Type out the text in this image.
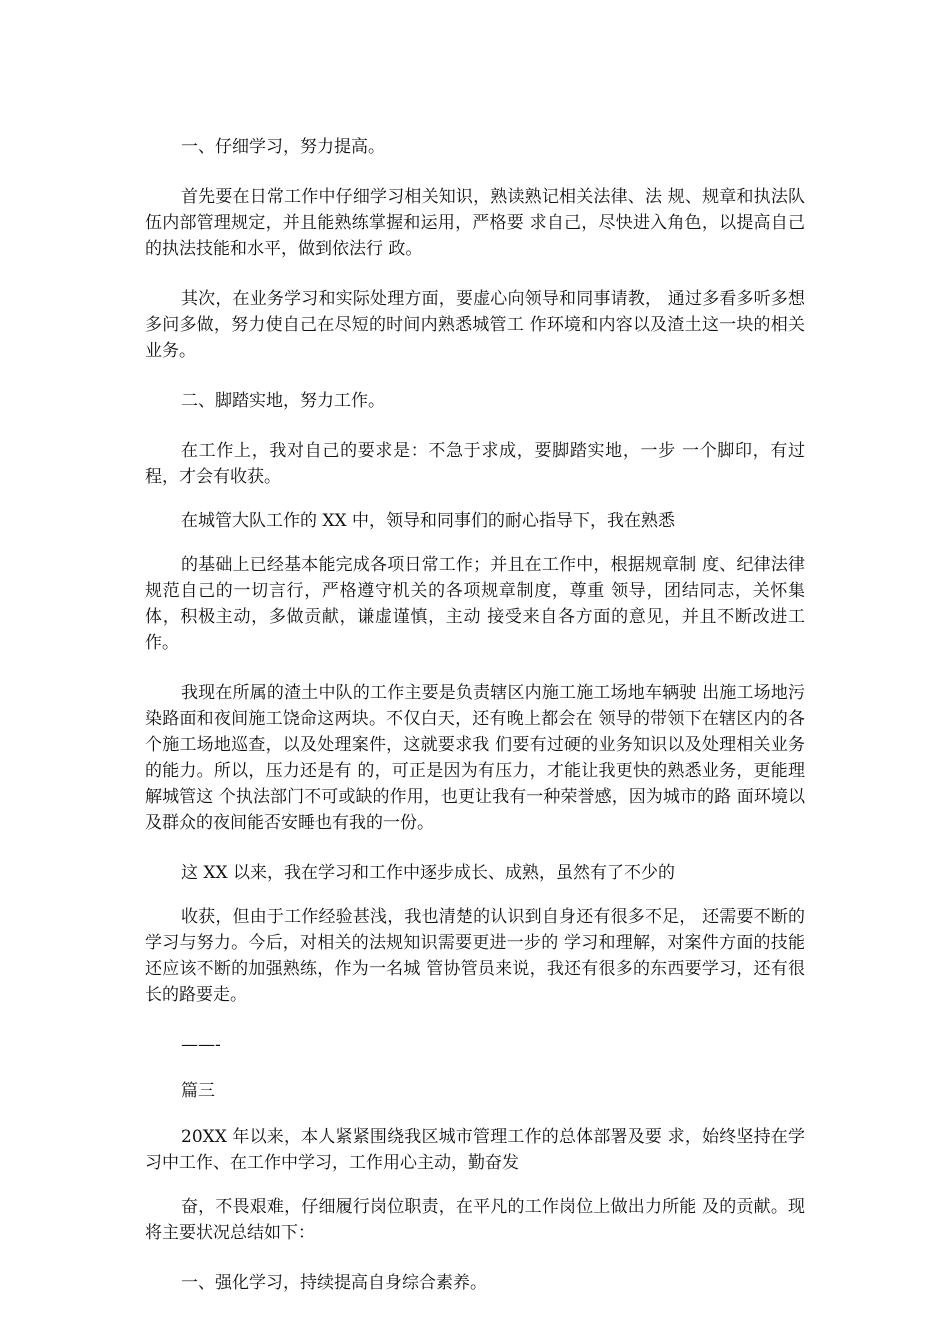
一、仔细学习，努力提高。

首先要在日常工作中仔细学习相关知识，熟读熟记相关法律、法 规、规章和执法队伍内部管理规定，并且能熟练掌握和运用，严格要 求自己，尽快进入角色，以提高自己的执法技能和水平，做到依法行 政。

其次，在业务学习和实际处理方面，要虚心向领导和同事请教， 通过多看多听多想多问多做，努力使自己在尽短的时间内熟悉城管工 作环境和内容以及渣土这一块的相关业务。

二、脚踏实地，努力工作。

在工作上，我对自己的要求是：不急于求成，要脚踏实地，一步 一个脚印，有过程，才会有收获。

在城管大队工作的 XX 中，领导和同事们的耐心指导下，我在熟悉

的基础上已经基本能完成各项日常工作；并且在工作中，根据规章制 度、纪律法律规范自己的一切言行，严格遵守机关的各项规章制度，尊重 领导，团结同志，关怀集体，积极主动，多做贡献，谦虚谨慎，主动 接受来自各方面的意见，并且不断改进工作。

我现在所属的渣土中队的工作主要是负责辖区内施工施工场地车辆驶 出施工场地污染路面和夜间施工饶命这两块。不仅白天，还有晚上都会在 领导的带领下在辖区内的各个施工场地巡查，以及处理案件，这就要求我 们要有过硬的业务知识以及处理相关业务的能力。所以，压力还是有 的，可正是因为有压力，才能让我更快的熟悉业务，更能理解城管这 个执法部门不可或缺的作用，也更让我有一种荣誉感，因为城市的路 面环境以及群众的夜间能否安睡也有我的一份。

这 XX 以来，我在学习和工作中逐步成长、成熟，虽然有了不少的

收获，但由于工作经验甚浅，我也清楚的认识到自身还有很多不足， 还需要不断的学习与努力。今后，对相关的法规知识需要更进一步的 学习和理解，对案件方面的技能还应该不断的加强熟练，作为一名城 管协管员来说，我还有很多的东西要学习，还有很长的路要走。

——-

篇三

20XX 年以来，本人紧紧围绕我区城市管理工作的总体部署及要 求，始终坚持在学习中工作、在工作中学习，工作用心主动，勤奋发

奋，不畏艰难，仔细履行岗位职责，在平凡的工作岗位上做出力所能 及的贡献。现将主要状况总结如下：

一、强化学习，持续提高自身综合素养。
